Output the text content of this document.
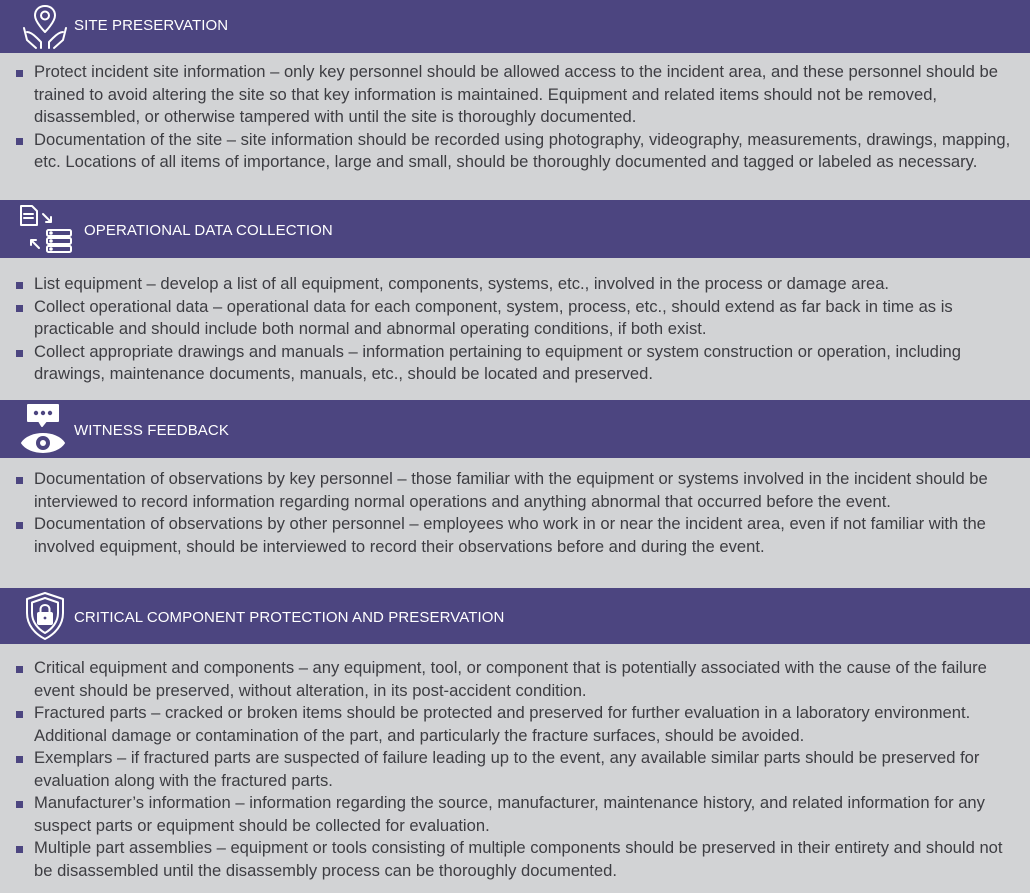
SITE PRESERVATION
Protect incident site information – only key personnel should be allowed access to the incident area, and these personnel should be trained to avoid altering the site so that key information is maintained. Equipment and related items should not be removed, disassembled, or otherwise tampered with until the site is thoroughly documented.
Documentation of the site – site information should be recorded using photography, videography, measurements, drawings, mapping, etc. Locations of all items of importance, large and small, should be thoroughly documented and tagged or labeled as necessary.
OPERATIONAL DATA COLLECTION
List equipment – develop a list of all equipment, components, systems, etc., involved in the process or damage area.
Collect operational data – operational data for each component, system, process, etc., should extend as far back in time as is practicable and should include both normal and abnormal operating conditions, if both exist.
Collect appropriate drawings and manuals – information pertaining to equipment or system construction or operation, including drawings, maintenance documents, manuals, etc., should be located and preserved.
WITNESS FEEDBACK
Documentation of observations by key personnel – those familiar with the equipment or systems involved in the incident should be interviewed to record information regarding normal operations and anything abnormal that occurred before the event.
Documentation of observations by other personnel – employees who work in or near the incident area, even if not familiar with the involved equipment, should be interviewed to record their observations before and during the event.
CRITICAL COMPONENT PROTECTION AND PRESERVATION
Critical equipment and components – any equipment, tool, or component that is potentially associated with the cause of the failure event should be preserved, without alteration, in its post-accident condition.
Fractured parts – cracked or broken items should be protected and preserved for further evaluation in a laboratory environment. Additional damage or contamination of the part, and particularly the fracture surfaces, should be avoided.
Exemplars – if fractured parts are suspected of failure leading up to the event, any available similar parts should be preserved for evaluation along with the fractured parts.
Manufacturer’s information – information regarding the source, manufacturer, maintenance history, and related information for any suspect parts or equipment should be collected for evaluation.
Multiple part assemblies – equipment or tools consisting of multiple components should be preserved in their entirety and should not be disassembled until the disassembly process can be thoroughly documented.
